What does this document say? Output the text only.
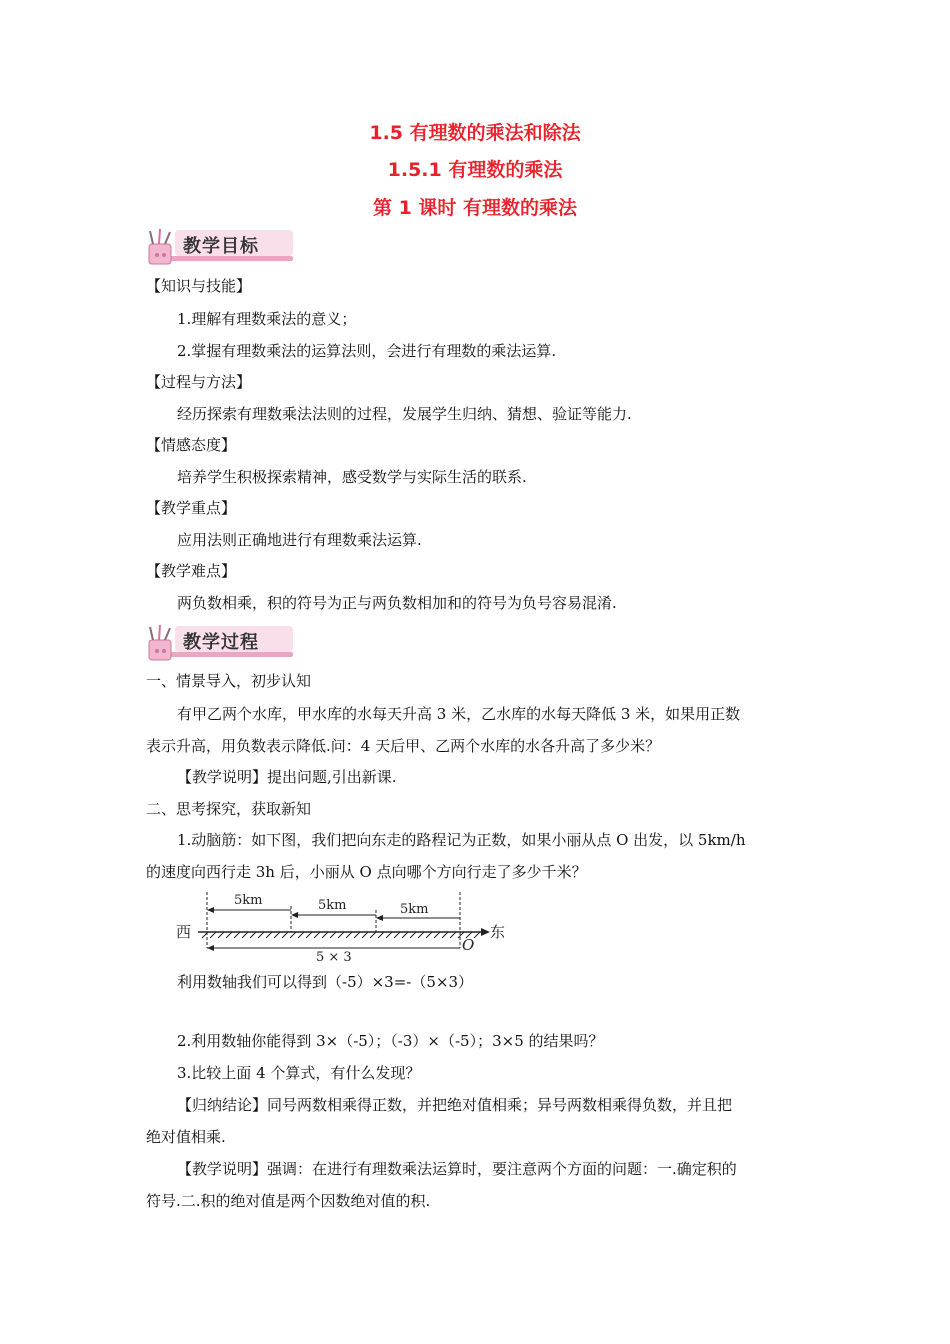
1.5 有理数的乘法和除法
1.5.1 有理数的乘法
第 1 课时 有理数的乘法
教学目标
【知识与技能】
1.理解有理数乘法的意义；
2.掌握有理数乘法的运算法则，会进行有理数的乘法运算.
【过程与方法】
经历探索有理数乘法法则的过程，发展学生归纳、猜想、验证等能力.
【情感态度】
培养学生积极探索精神，感受数学与实际生活的联系.
【教学重点】
应用法则正确地进行有理数乘法运算.
【教学难点】
两负数相乘，积的符号为正与两负数相加和的符号为负号容易混淆.
教学过程
一、情景导入，初步认知
有甲乙两个水库，甲水库的水每天升高 3 米，乙水库的水每天降低 3 米，如果用正数
表示升高，用负数表示降低.问：4 天后甲、乙两个水库的水各升高了多少米？
【教学说明】提出问题,引出新课.
二、思考探究，获取新知
1.动脑筋：如下图，我们把向东走的路程记为正数，如果小丽从点 O 出发，以 5km/h
的速度向西行走 3h 后，小丽从 O 点向哪个方向行走了多少千米？
西	东
5km	5km	5km
5 × 3
O
利用数轴我们可以得到（-5）×3=-（5×3）
2.利用数轴你能得到 3×（-5）；（-3）×（-5）；3×5 的结果吗？
3.比较上面 4 个算式，有什么发现？
【归纳结论】同号两数相乘得正数，并把绝对值相乘；异号两数相乘得负数，并且把
绝对值相乘.
【教学说明】强调：在进行有理数乘法运算时，要注意两个方面的问题：一.确定积的
符号.二.积的绝对值是两个因数绝对值的积.
